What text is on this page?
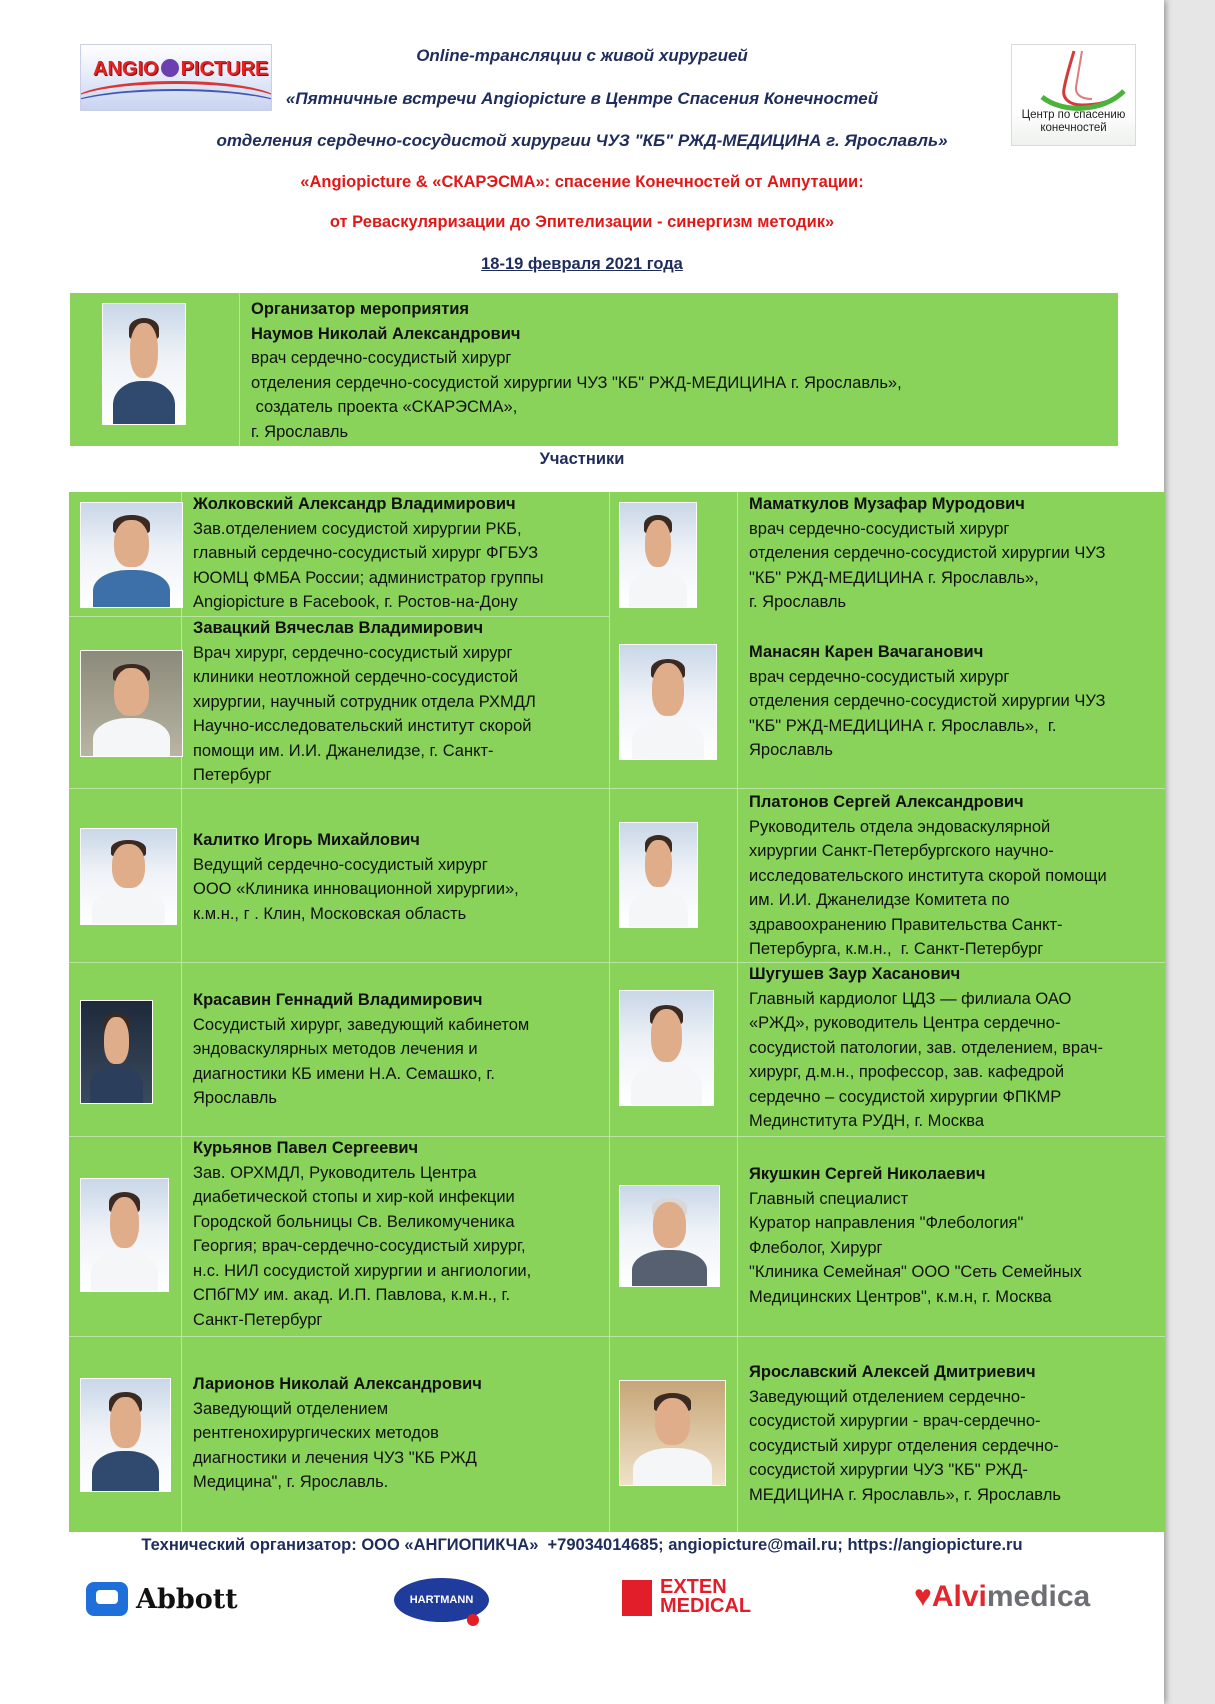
ANGIO PICTURE
Центр по спасению
конечностей
Online-трансляции с живой хирургией
«Пятничные встречи Angiopicture в Центре Спасения Конечностей
отделения сердечно-сосудистой хирургии ЧУЗ "КБ" РЖД-МЕДИЦИНА г. Ярославль»
«Angiopicture & «СКАРЭСМА»: спасение Конечностей от Ампутации:
от Реваскуляризации до Эпителизации - синергизм методик»
18-19 февраля 2021 года
Организатор мероприятия
Наумов Николай Александрович
врач сердечно-сосудистый хирург
отделения сердечно-сосудистой хирургии ЧУЗ "КБ" РЖД-МЕДИЦИНА г. Ярославль»,
создатель проекта «СКАРЭСМА»,
г. Ярославль
Участники
Жолковский Александр Владимирович
Зав.отделением сосудистой хирургии РКБ,
главный сердечно-сосудистый хирург ФГБУЗ
ЮОМЦ ФМБА России; администратор группы
Angiopicture в Facebook, г. Ростов-на-Дону
Завацкий Вячеслав Владимирович
Врач хирург, сердечно-сосудистый хирург
клиники неотложной сердечно-сосудистой
хирургии, научный сотрудник отдела РХМДЛ
Научно-исследовательский институт скорой
помощи им. И.И. Джанелидзе, г. Санкт-
Петербург
Калитко Игорь Михайлович
Ведущий сердечно-сосудистый хирург
ООО «Клиника инновационной хирургии»,
к.м.н., г . Клин, Московская область
Красавин Геннадий Владимирович
Сосудистый хирург, заведующий кабинетом
эндоваскулярных методов лечения и
диагностики КБ имени Н.А. Семашко, г.
Ярославль
Курьянов Павел Сергеевич
Зав. ОРХМДЛ, Руководитель Центра
диабетической стопы и хир-кой инфекции
Городской больницы Св. Великомученика
Георгия; врач-сердечно-сосудистый хирург,
н.с. НИЛ сосудистой хирургии и ангиологии,
СПбГМУ им. акад. И.П. Павлова, к.м.н., г.
Санкт-Петербург
Ларионов Николай Александрович
Заведующий отделением
рентгенохирургических методов
диагностики и лечения ЧУЗ "КБ РЖД
Медицина", г. Ярославль.
Маматкулов Музафар Муродович
врач сердечно-сосудистый хирург
отделения сердечно-сосудистой хирургии ЧУЗ
"КБ" РЖД-МЕДИЦИНА г. Ярославль»,
г. Ярославль
Манасян Карен Вачаганович
врач сердечно-сосудистый хирург
отделения сердечно-сосудистой хирургии ЧУЗ
"КБ" РЖД-МЕДИЦИНА г. Ярославль»,  г.
Ярославль
Платонов Сергей Александрович
Руководитель отдела эндоваскулярной
хирургии Санкт-Петербургского научно-
исследовательского института скорой помощи
им. И.И. Джанелидзе Комитета по
здравоохранению Правительства Санкт-
Петербурга, к.м.н.,  г. Санкт-Петербург
Шугушев Заур Хасанович
Главный кардиолог ЦДЗ — филиала ОАО
«РЖД», руководитель Центра сердечно-
сосудистой патологии, зав. отделением, врач-
хирург, д.м.н., профессор, зав. кафедрой
сердечно – сосудистой хирургии ФПКМР
Мединститута РУДН, г. Москва
Якушкин Сергей Николаевич
Главный специалист
Куратор направления "Флебология"
Флеболог, Хирург
"Клиника Семейная" ООО "Сеть Семейных
Медицинских Центров", к.м.н, г. Москва
Ярославский Алексей Дмитриевич
Заведующий отделением сердечно-
сосудистой хирургии - врач-сердечно-
сосудистый хирург отделения сердечно-
сосудистой хирургии ЧУЗ "КБ" РЖД-
МЕДИЦИНА г. Ярославль», г. Ярославль
Технический организатор: ООО «АНГИОПИКЧА»  +79034014685; angiopicture@mail.ru; https://angiopicture.ru
Abbott	HARTMANN
EXTEN
MEDICAL	♥Alvimedica
